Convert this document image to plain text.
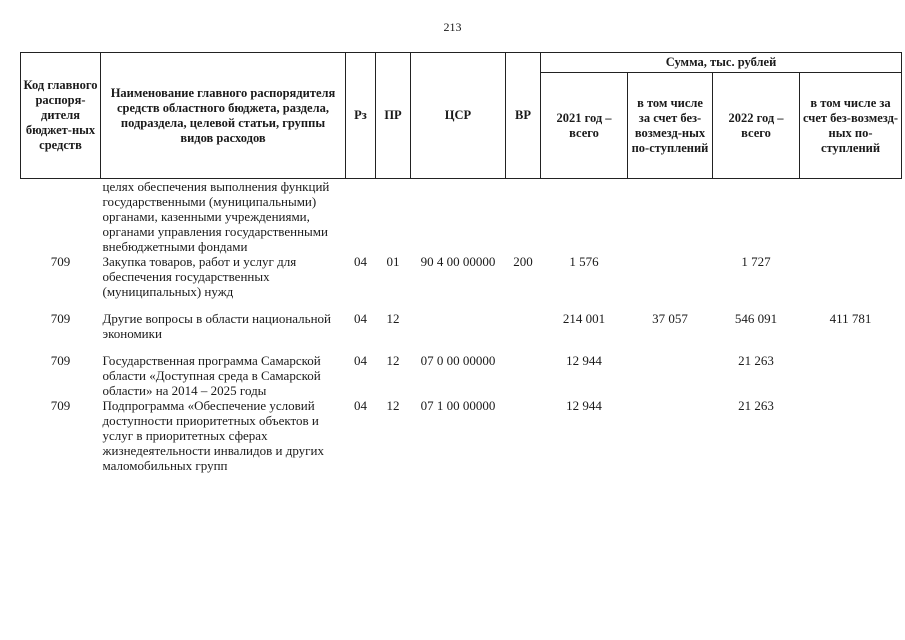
213
Код главного распоря-дителя бюджет-ных средств	Наименование главного распорядителя средств областного бюджета, раздела, подраздела, целевой статьи, группы видов расходов	Рз	ПР	ЦСР	ВР	Сумма, тыс. рублей			
						2021 год – всего	в том числе за счет без-возмезд-ных по-ступлений	2022 год – всего	в том числе за счет без-возмезд-ных по-ступлений
	целях обеспечения выполнения функций государственными (муниципальными) органами, казенными учреждениями, органами управления государственными внебюджетными фондами								
709	Закупка товаров, работ и услуг для обеспечения государственных (муниципальных) нужд	04	01	90 4 00 00000	200	1 576		1 727	

709	Другие вопросы в области национальной экономики	04	12			214 001	37 057	546 091	411 781

709	Государственная программа Самарской области «Доступная среда в Самарской области» на 2014 – 2025 годы	04	12	07 0 00 00000		12 944		21 263	
709	Подпрограмма «Обеспечение условий доступности приоритетных объектов и услуг в приоритетных сферах жизнедеятельности инвалидов и других маломобильных групп	04	12	07 1 00 00000		12 944		21 263	
